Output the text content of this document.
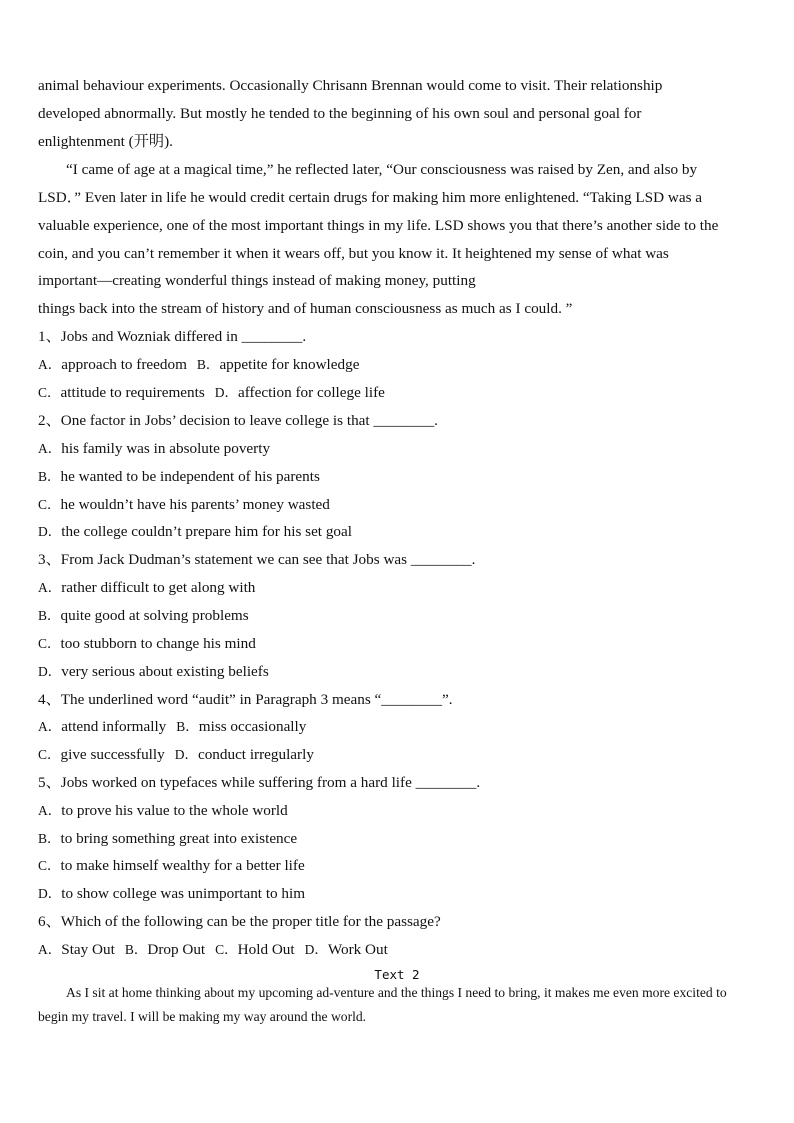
animal behaviour experiments. Occasionally Chrisann Brennan would come to visit. Their relationship
developed abnormally. But mostly he tended to the beginning of his own soul and personal goal for
enlightenment (开明).
“I came of age at a magical time,” he reflected later, “Our consciousness was raised by Zen, and also by
LSD．” Even later in life he would credit certain drugs for making him more enlightened. “Taking LSD was a
valuable experience, one of the most important things in my life. LSD shows you that there’s another side to the
coin, and you can’t remember it when it wears off, but you know it. It heightened my sense of what was
important—creating wonderful things instead of making money, putting
things back into the stream of history and of human consciousness as much as I could. ”
1、Jobs and Wozniak differed in ________.
A．approach to freedom B．appetite for knowledge
C．attitude to requirements D．affection for college life
2、One factor in Jobs’ decision to leave college is that ________.
A．his family was in absolute poverty
B．he wanted to be independent of his parents
C．he wouldn’t have his parents’ money wasted
D．the college couldn’t prepare him for his set goal
3、From Jack Dudman’s statement we can see that Jobs was ________.
A．rather difficult to get along with
B．quite good at solving problems
C．too stubborn to change his mind
D．very serious about existing beliefs
4、The underlined word “audit” in Paragraph 3 means “________”.
A．attend informally B．miss occasionally
C．give successfully D．conduct irregularly
5、Jobs worked on typefaces while suffering from a hard life ________.
A．to prove his value to the whole world
B．to bring something great into existence
C．to make himself wealthy for a better life
D．to show college was unimportant to him
6、Which of the following can be the proper title for the passage?
A．Stay Out B．Drop Out C．Hold Out D．Work Out
Text 2
As I sit at home thinking about my upcoming ad-venture and the things I need to bring, it makes me even more excited to
begin my travel. I will be making my way around the world.
